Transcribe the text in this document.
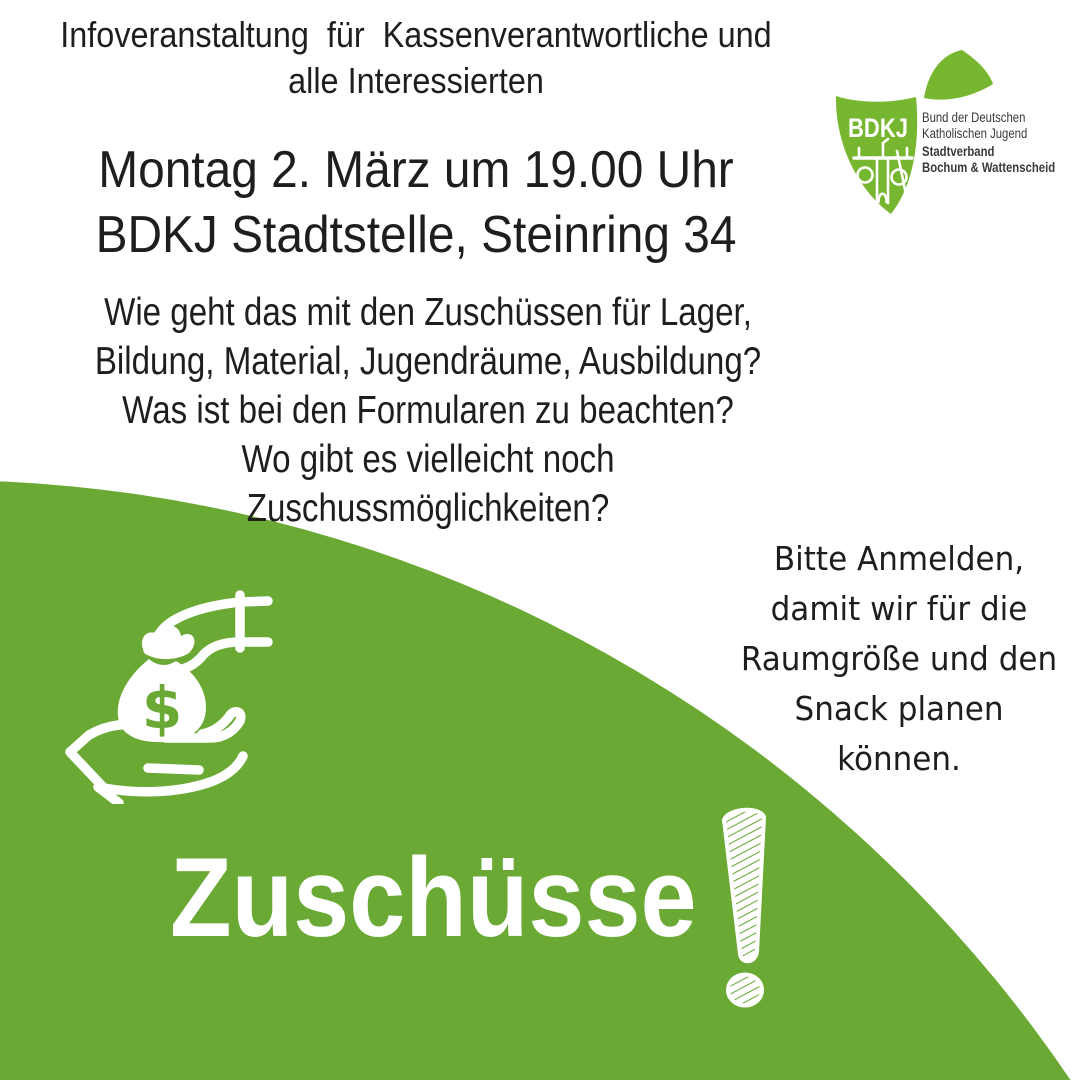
Infoveranstaltung  für  Kassenverantwortliche und
alle Interessierten
Montag 2. März um 19.00 Uhr
BDKJ Stadtstelle, Steinring 34
Wie geht das mit den Zuschüssen für Lager,
Bildung, Material, Jugendräume, Ausbildung?
Was ist bei den Formularen zu beachten?
Wo gibt es vielleicht noch Zuschussmöglichkeiten?
Bitte Anmelden,
damit wir für die
Raumgröße und den
Snack planen
können.
Zuschüsse
$
BDKJ Bund der Deutschen
Katholischen Jugend
Stadtverband
Bochum & Wattenscheid
